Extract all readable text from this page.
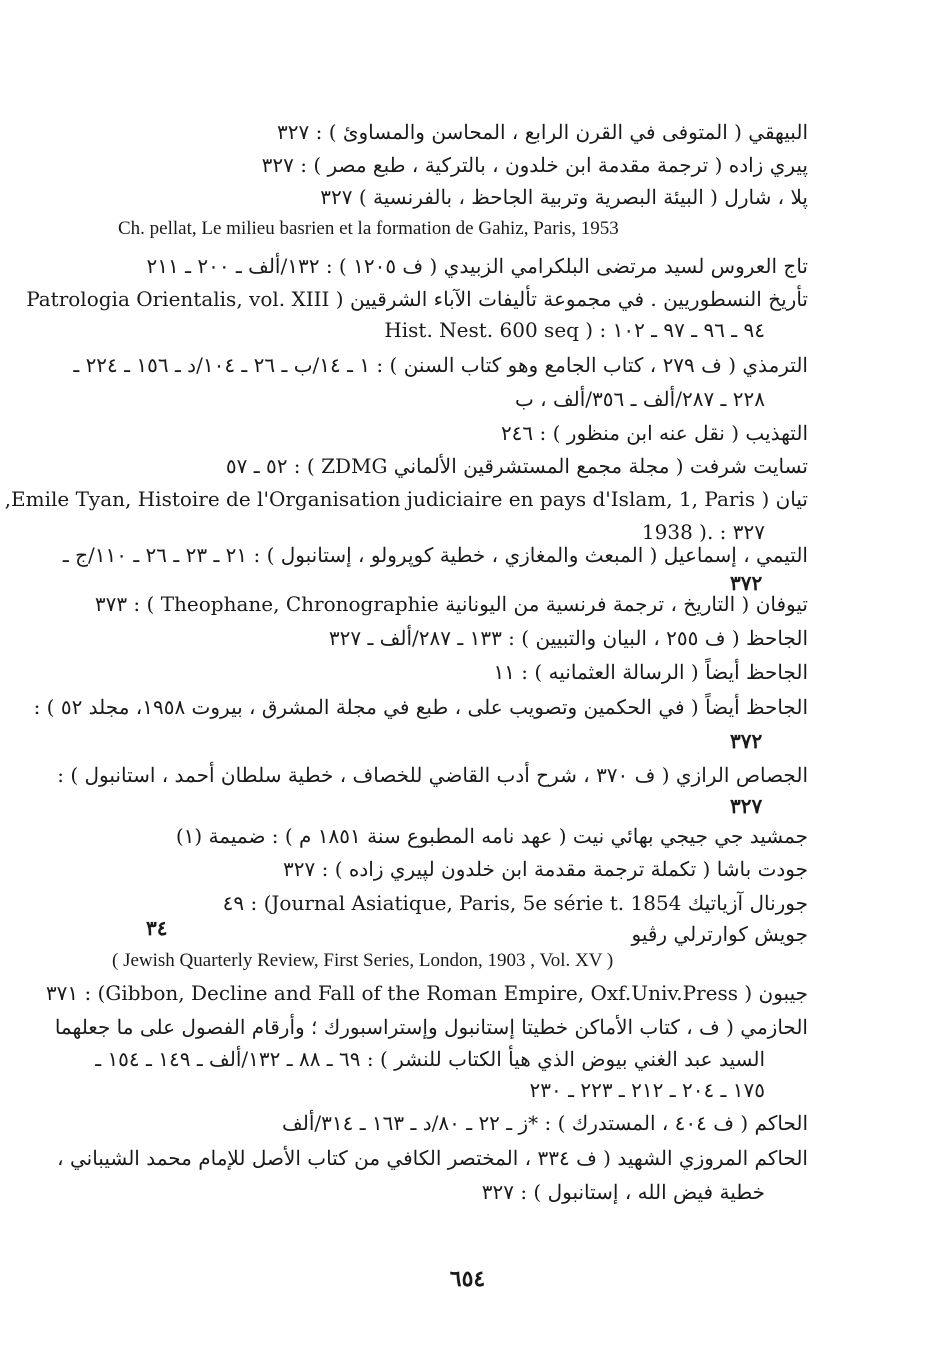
البيهقي ( المتوفى في القرن الرابع ، المحاسن والمساوئ ) : ٣٢٧
پيري زاده ( ترجمة مقدمة ابن خلدون ، بالتركية ، طبع مصر ) : ٣٢٧
پلا ، شارل ( البيئة البصرية وتربية الجاحظ ، بالفرنسية ) ٣٢٧
Ch. pellat, Le milieu basrien et la formation de Gahiz, Paris, 1953
تاج العروس لسيد مرتضى البلكرامي الزبيدي ( ف ١٢٠٥ ) : ١٣٢/ألف ـ ٢٠٠ ـ ٢١١
تأريخ النسطوريين . في مجموعة تأليفات الآباء الشرقيين ( Patrologia Orientalis, vol. XIII
Hist. Nest. 600 seq ) : ٩٤ ـ ٩٦ ـ ٩٧ ـ ١٠٢
الترمذي ( ف ٢٧٩ ، كتاب الجامع وهو كتاب السنن ) : ١ ـ ١٤/ب ـ ٢٦ ـ ١٠٤/د ـ ١٥٦ ـ ٢٢٤ ـ
٢٢٨ ـ ٢٨٧/ألف ـ ٣٥٦/ألف ، ب
التهذيب ( نقل عنه ابن منظور ) : ٢٤٦
تسايت شرفت ( مجلة مجمع المستشرقين الألماني ZDMG ) : ٥٢ ـ ٥٧
تيان ( Emile Tyan, Histoire de l'Organisation judiciaire en pays d'Islam, 1, Paris,
1938 ). : ٣٢٧
التيمي ، إسماعيل ( المبعث والمغازي ، خطية كوپرولو ، إستانبول ) : ٢١ ـ ٢٣ ـ ٢٦ ـ ١١٠/ج ـ
٣٧٢
تيوفان ( التاريخ ، ترجمة فرنسية من اليونانية Theophane, Chronographie ) : ٣٧٣
الجاحظ ( ف ٢٥٥ ، البيان والتبيين ) : ١٣٣ ـ ٢٨٧/ألف ـ ٣٢٧
الجاحظ أيضاً ( الرسالة العثمانيه ) : ١١
الجاحظ أيضاً ( في الحكمين وتصويب على ، طبع في مجلة المشرق ، بيروت ١٩٥٨، مجلد ٥٢ ) :
٣٧٢
الجصاص الرازي ( ف ٣٧٠ ، شرح أدب القاضي للخصاف ، خطية سلطان أحمد ، استانبول ) :
٣٢٧
جمشيد جي جيجي بهائي نيت ( عهد نامه المطبوع سنة ١٨٥١ م ) : ضميمة (١)
جودت باشا ( تكملة ترجمة مقدمة ابن خلدون لپيري زاده ) : ٣٢٧
جورنال آزياتيك Journal Asiatique, Paris, 5e série t. 1854) : ٤٩
جويش كوارترلي رڤيو
٣٤
( Jewish Quarterly Review, First Series, London, 1903 , Vol. XV )
جيبون ( Gibbon, Decline and Fall of the Roman Empire, Oxf.Univ.Press) : ٣٧١
الحازمي ( ف ، كتاب الأماكن خطيتا إستانبول وإستراسبورك ؛ وأرقام الفصول على ما جعلهما
السيد عبد الغني بيوض الذي هيأ الكتاب للنشر ) : ٦٩ ـ ٨٨ ـ ١٣٢/ألف ـ ١٤٩ ـ ١٥٤ ـ
١٧٥ ـ ٢٠٤ ـ ٢١٢ ـ ٢٢٣ ـ ٢٣٠
الحاكم ( ف ٤٠٤ ، المستدرك ) : *ز ـ ٢٢ ـ ٨٠/د ـ ١٦٣ ـ ٣١٤/ألف
الحاكم المروزي الشهيد ( ف ٣٣٤ ، المختصر الكافي من كتاب الأصل للإمام محمد الشيباني ،
خطية فيض الله ، إستانبول ) : ٣٢٧
٦٥٤
